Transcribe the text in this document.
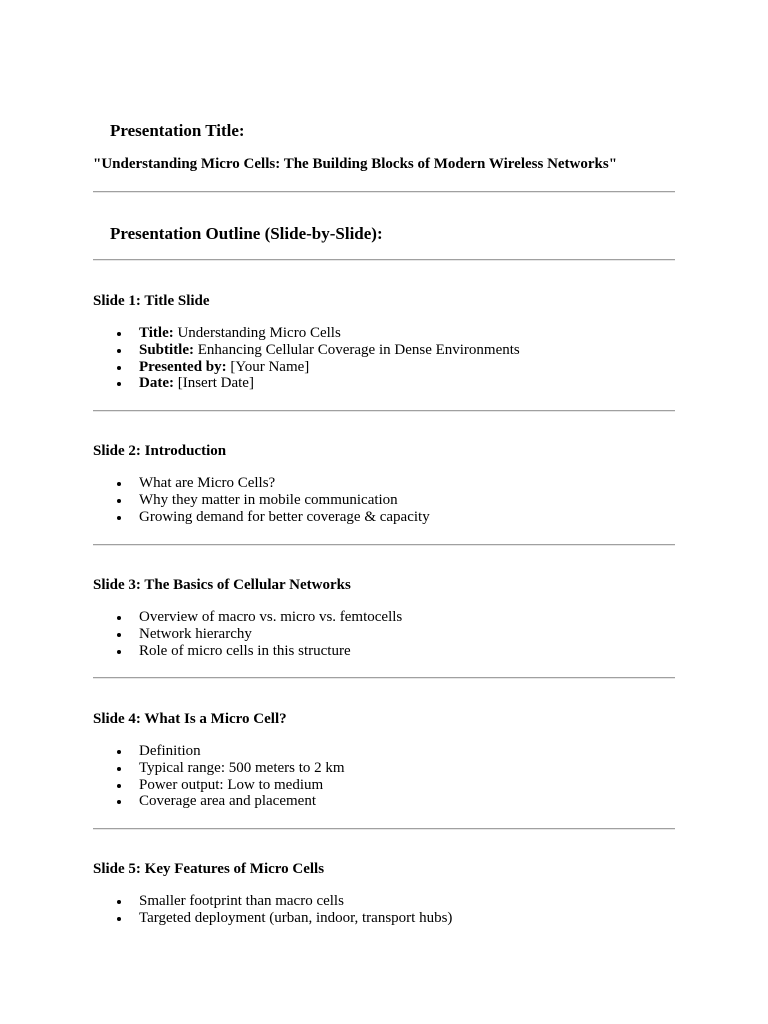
Presentation Title:
"Understanding Micro Cells: The Building Blocks of Modern Wireless Networks"
Presentation Outline (Slide-by-Slide):
Slide 1: Title Slide
Title: Understanding Micro Cells
Subtitle: Enhancing Cellular Coverage in Dense Environments
Presented by: [Your Name]
Date: [Insert Date]
Slide 2: Introduction
What are Micro Cells?
Why they matter in mobile communication
Growing demand for better coverage & capacity
Slide 3: The Basics of Cellular Networks
Overview of macro vs. micro vs. femtocells
Network hierarchy
Role of micro cells in this structure
Slide 4: What Is a Micro Cell?
Definition
Typical range: 500 meters to 2 km
Power output: Low to medium
Coverage area and placement
Slide 5: Key Features of Micro Cells
Smaller footprint than macro cells
Targeted deployment (urban, indoor, transport hubs)
